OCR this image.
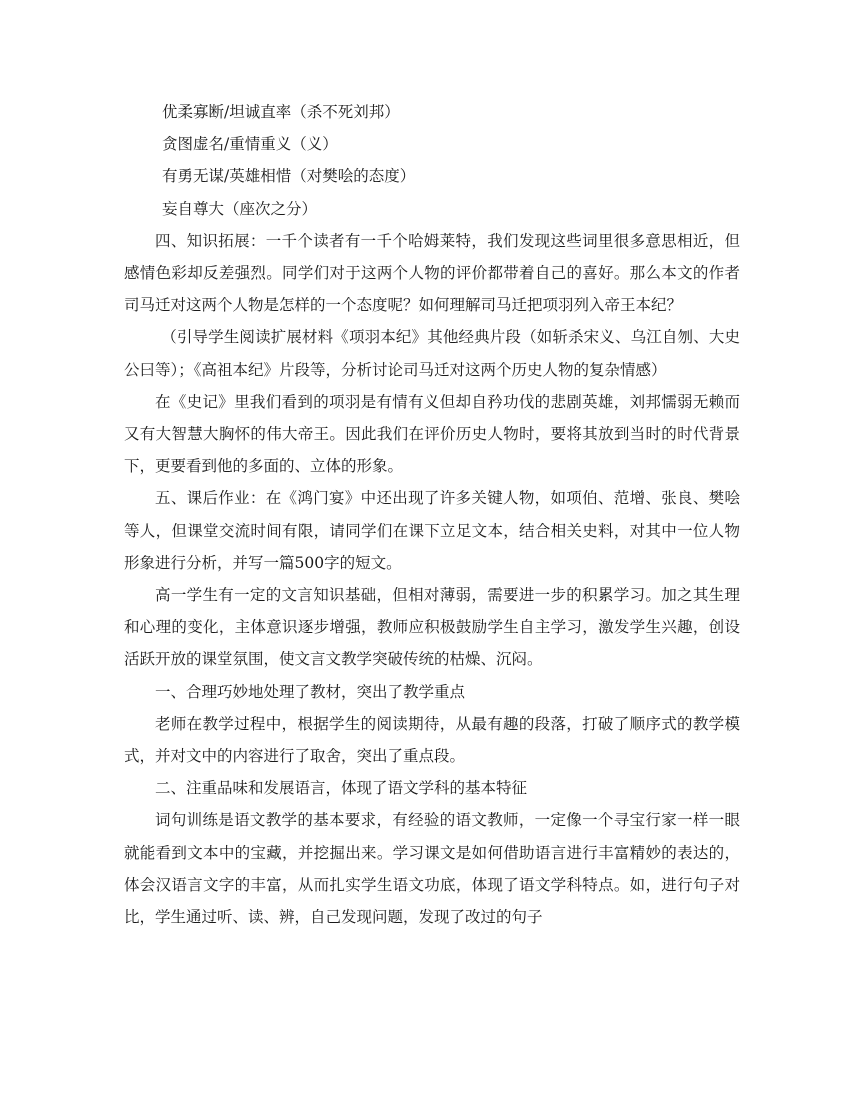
优柔寡断/坦诚直率（杀不死刘邦）

贪图虚名/重情重义（义）

有勇无谋/英雄相惜（对樊哙的态度）

妄自尊大（座次之分）

四、知识拓展：一千个读者有一千个哈姆莱特，我们发现这些词里很多意思相近，但感情色彩却反差强烈。同学们对于这两个人物的评价都带着自己的喜好。那么本文的作者司马迁对这两个人物是怎样的一个态度呢？如何理解司马迁把项羽列入帝王本纪？

（引导学生阅读扩展材料《项羽本纪》其他经典片段（如斩杀宋义、乌江自刎、大史公曰等）；《高祖本纪》片段等，分析讨论司马迁对这两个历史人物的复杂情感）

在《史记》里我们看到的项羽是有情有义但却自矜功伐的悲剧英雄，刘邦懦弱无赖而又有大智慧大胸怀的伟大帝王。因此我们在评价历史人物时，要将其放到当时的时代背景下，更要看到他的多面的、立体的形象。

五、课后作业：在《鸿门宴》中还出现了许多关键人物，如项伯、范增、张良、樊哙等人，但课堂交流时间有限，请同学们在课下立足文本，结合相关史料，对其中一位人物形象进行分析，并写一篇500字的短文。

高一学生有一定的文言知识基础，但相对薄弱，需要进一步的积累学习。加之其生理和心理的变化，主体意识逐步增强，教师应积极鼓励学生自主学习，激发学生兴趣，创设活跃开放的课堂氛围，使文言文教学突破传统的枯燥、沉闷。

一、合理巧妙地处理了教材，突出了教学重点

老师在教学过程中，根据学生的阅读期待，从最有趣的段落，打破了顺序式的教学模式，并对文中的内容进行了取舍，突出了重点段。

二、注重品味和发展语言，体现了语文学科的基本特征

词句训练是语文教学的基本要求，有经验的语文教师，一定像一个寻宝行家一样一眼就能看到文本中的宝藏，并挖掘出来。学习课文是如何借助语言进行丰富精妙的表达的，体会汉语言文字的丰富，从而扎实学生语文功底，体现了语文学科特点。如，进行句子对比，学生通过听、读、辨，自己发现问题，发现了改过的句子
